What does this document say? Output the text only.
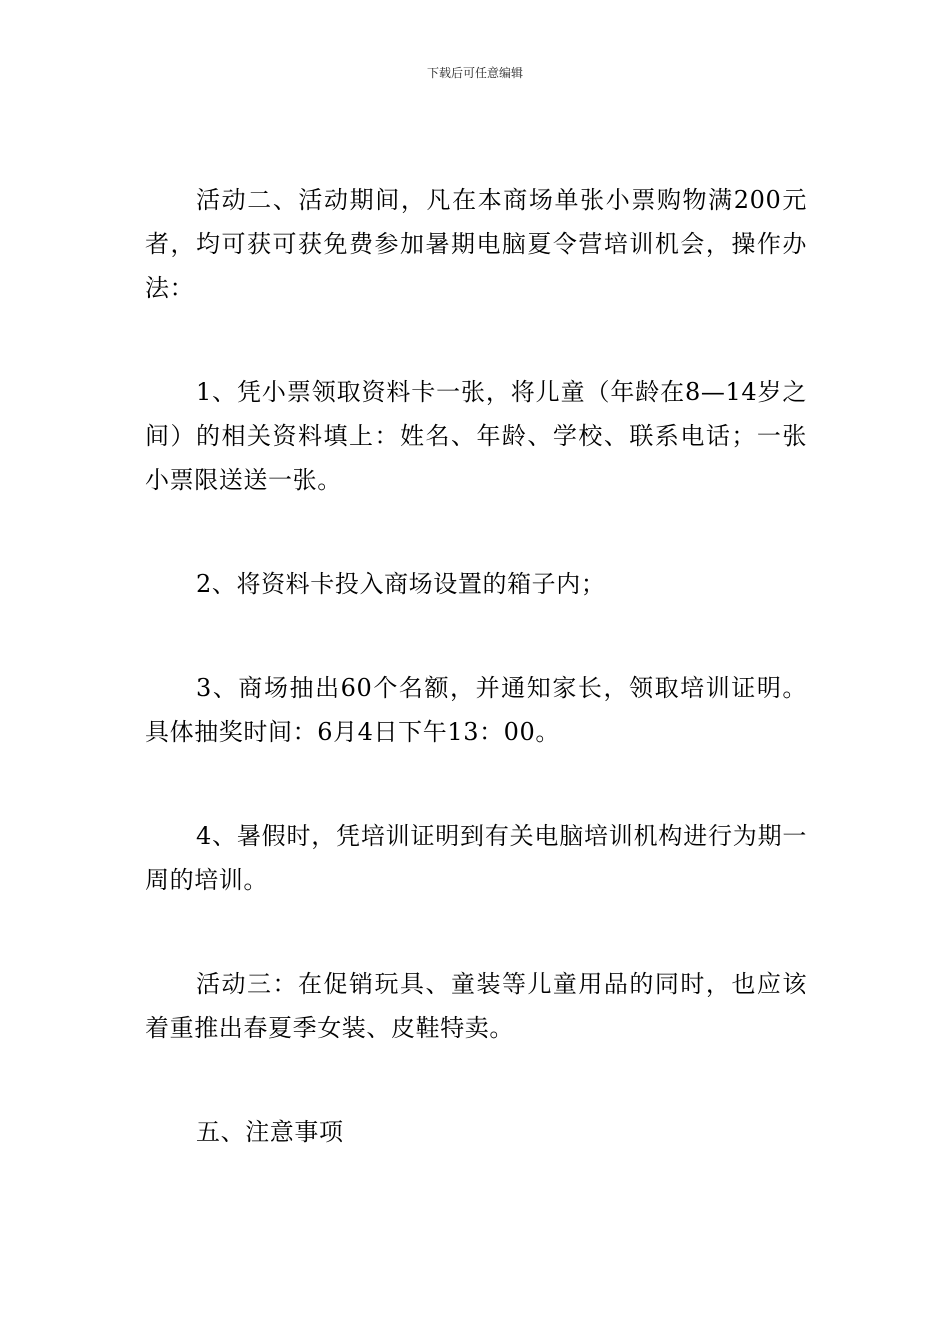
下载后可任意编辑

活动二、活动期间，凡在本商场单张小票购物满200元者，均可获可获免费参加暑期电脑夏令营培训机会，操作办法：

1、凭小票领取资料卡一张，将儿童（年龄在8—14岁之间）的相关资料填上：姓名、年龄、学校、联系电话；一张小票限送送一张。

2、将资料卡投入商场设置的箱子内；

3、商场抽出60个名额，并通知家长，领取培训证明。具体抽奖时间：6月4日下午13：00。

4、暑假时，凭培训证明到有关电脑培训机构进行为期一周的培训。

活动三：在促销玩具、童装等儿童用品的同时，也应该着重推出春夏季女装、皮鞋特卖。

五、注意事项
